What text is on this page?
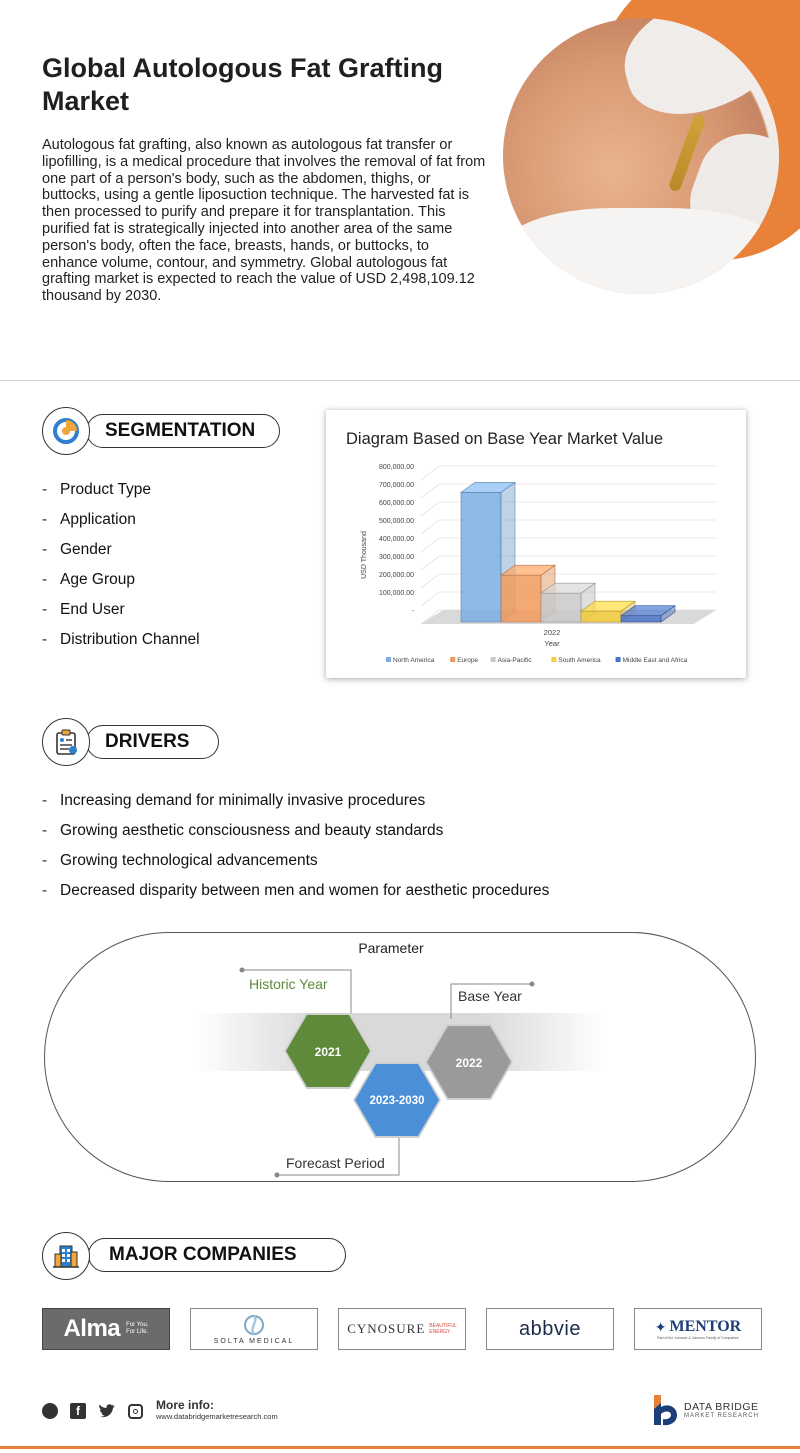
Global Autologous Fat Grafting Market

Autologous fat grafting, also known as autologous fat transfer or lipofilling, is a medical procedure that involves the removal of fat from one part of a person's body, such as the abdomen, thighs, or buttocks, using a gentle liposuction technique. The harvested fat is then processed to purify and prepare it for transplantation. This purified fat is strategically injected into another area of the same person's body, often the face, breasts, hands, or buttocks, to enhance volume, contour, and symmetry. Global autologous fat grafting market is expected to reach the value of USD 2,498,109.12 thousand by 2030.

SEGMENTATION
- Product Type
- Application
- Gender
- Age Group
- End User
- Distribution Channel
Diagram Based on Base Year Market Value
800,000.00
700,000.00
600,000.00
500,000.00
400,000.00
300,000.00
200,000.00
100,000.00
-
USD Thousand
2022
Year
North America	Europe	Asia-Pacific	South America	Middle East and Africa
DRIVERS
- Increasing demand for minimally invasive procedures
- Growing aesthetic consciousness and beauty standards
- Growing technological advancements
- Decreased disparity between men and women for aesthetic procedures
Parameter
Historic Year
Base Year
Forecast Period
2021
2022
2023-2030
MAJOR COMPANIES
Alma For You.
For Life.
SOLTA MEDICAL
CYNOSURE BEAUTIFUL
ENERGY	abbvie	✦ MENTOR
Part of the Johnson & Johnson Family of Companies
f	More info:
www.databridgemarketresearch.com
DATA BRIDGE
MARKET RESEARCH
